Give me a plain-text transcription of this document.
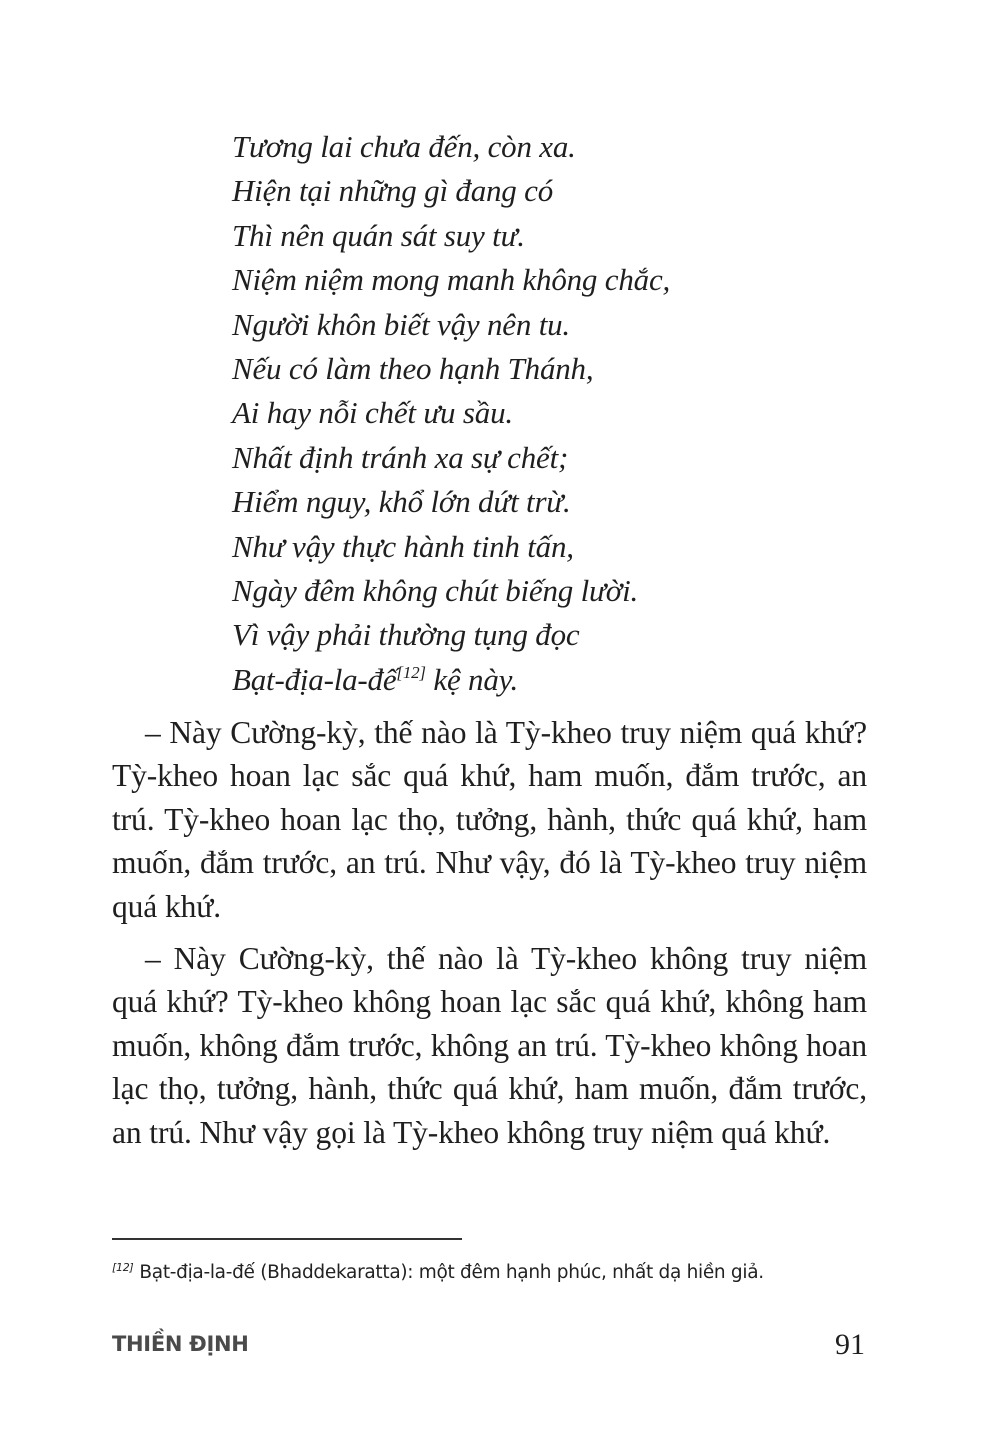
Tương lai chưa đến, còn xa.
Hiện tại những gì đang có
Thì nên quán sát suy tư.
Niệm niệm mong manh không chắc,
Người khôn biết vậy nên tu.
Nếu có làm theo hạnh Thánh,
Ai hay nỗi chết ưu sầu.
Nhất định tránh xa sự chết;
Hiểm nguy, khổ lớn dứt trừ.
Như vậy thực hành tinh tấn,
Ngày đêm không chút biếng lười.
Vì vậy phải thường tụng đọc
Bạt-địa-la-đế[12] kệ này.

– Này Cường-kỳ, thế nào là Tỳ-kheo truy niệm quá khứ? Tỳ-kheo hoan lạc sắc quá khứ, ham muốn, đắm trước, an trú. Tỳ-kheo hoan lạc thọ, tưởng, hành, thức quá khứ, ham muốn, đắm trước, an trú. Như vậy, đó là Tỳ-kheo truy niệm quá khứ.

– Này Cường-kỳ, thế nào là Tỳ-kheo không truy niệm quá khứ? Tỳ-kheo không hoan lạc sắc quá khứ, không ham muốn, không đắm trước, không an trú. Tỳ-kheo không hoan lạc thọ, tưởng, hành, thức quá khứ, ham muốn, đắm trước, an trú. Như vậy gọi là Tỳ-kheo không truy niệm quá khứ.

[12] Bạt-địa-la-đế (Bhaddekaratta): một đêm hạnh phúc, nhất dạ hiền giả.
THIỀN ĐỊNH	91
